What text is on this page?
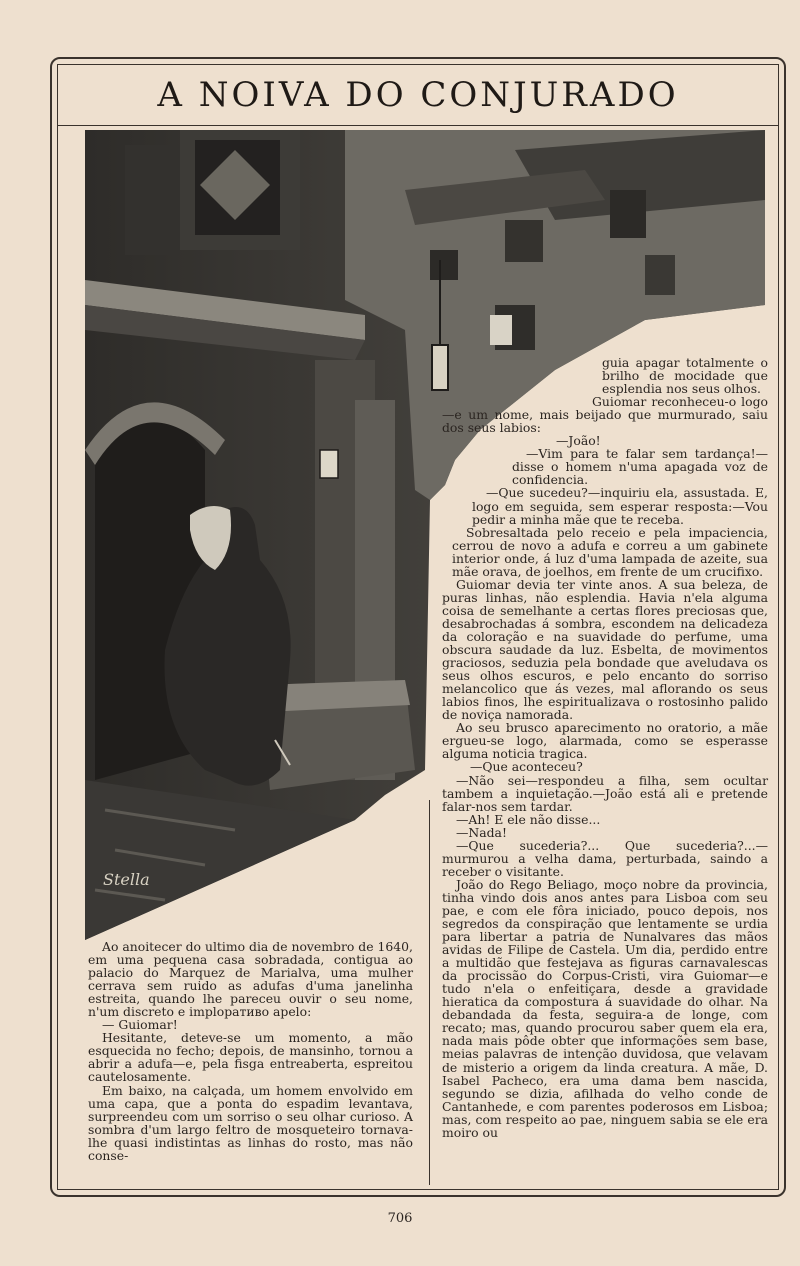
A NOIVA DO CONJURADO
Stella

guia apagar totalmente o brilho de mocidade que esplendia nos seus olhos.

Guiomar reconheceu-o logo —e um nome, mais beijado que murmurado, saiu dos seus labios:

—João!

—Vim para te falar sem tardança!—disse o homem n'uma apagada voz de confidencia.

—Que sucedeu?—inquiriu ela, assustada. E, logo em seguida, sem esperar resposta:—Vou pedir a minha mãe que te receba.

Sobresaltada pelo receio e pela impaciencia, cerrou de novo a adufa e correu a um gabinete interior onde, á luz d'uma lampada de azeite, sua mãe orava, de joelhos, em frente de um crucifixo.

Guiomar devia ter vinte anos. A sua beleza, de puras linhas, não esplendia. Havia n'ela alguma coisa de semelhante a certas flores preciosas que, desabrochadas á sombra, escondem na delicadeza da coloração e na suavidade do perfume, uma obscura saudade da luz. Esbelta, de movimentos graciosos, seduzia pela bondade que aveludava os seus olhos escuros, e pelo encanto do sorriso melancolico que ás vezes, mal aflorando os seus labios finos, lhe espiritualizava o rostosinho palido de noviça namorada.

Ao seu brusco aparecimento no oratorio, a mãe ergueu-se logo, alarmada, como se esperasse alguma noticia tragica.

—Que aconteceu?

—Não sei—respondeu a filha, sem ocultar tambem a inquietação.—João está ali e pretende falar-nos sem tardar.

—Ah! E ele não disse...

—Nada!

—Que sucederia?... Que sucederia?...—murmurou a velha dama, perturbada, saindo a receber o visitante.

João do Rego Beliago, moço nobre da provincia, tinha vindo dois anos antes para Lisboa com seu pae, e com ele fôra iniciado, pouco depois, nos segredos da conspiração que lentamente se urdia para libertar a patria de Nunalvares das mãos avidas de Filipe de Castela. Um dia, perdido entre a multidão que festejava as figuras carnavalescas da procissão do Corpus-Cristi, vira Guiomar—e tudo n'ela o enfeitiçara, desde a gravidade hieratica da compostura á suavidade do olhar. Na debandada da festa, seguira-a de longe, com recato; mas, quando procurou saber quem ela era, nada mais pôde obter que informações sem base, meias palavras de intenção duvidosa, que velavam de misterio a origem da linda creatura. A mãe, D. Isabel Pacheco, era uma dama bem nascida, segundo se dizia, afilhada do velho conde de Cantanhede, e com parentes poderosos em Lisboa; mas, com respeito ao pae, ninguem sabia se ele era moiro ou

Ao anoitecer do ultimo dia de novembro de 1640, em uma pequena casa sobradada, contigua ao palacio do Marquez de Marialva, uma mulher cerrava sem ruido as adufas d'uma janelinha estreita, quando lhe pareceu ouvir o seu nome, n'um discreto e imploративo apelo:

— Guiomar!

Hesitante, deteve-se um momento, a mão esquecida no fecho; depois, de mansinho, tornou a abrir a adufa—e, pela fisga entreaberta, espreitou cautelosamente.

Em baixo, na calçada, um homem envolvido em uma capa, que a ponta do espadim levantava, surpreendeu com um sorriso o seu olhar curioso. A sombra d'um largo feltro de mosqueteiro tornava-lhe quasi indistintas as linhas do rosto, mas não conse-

706
